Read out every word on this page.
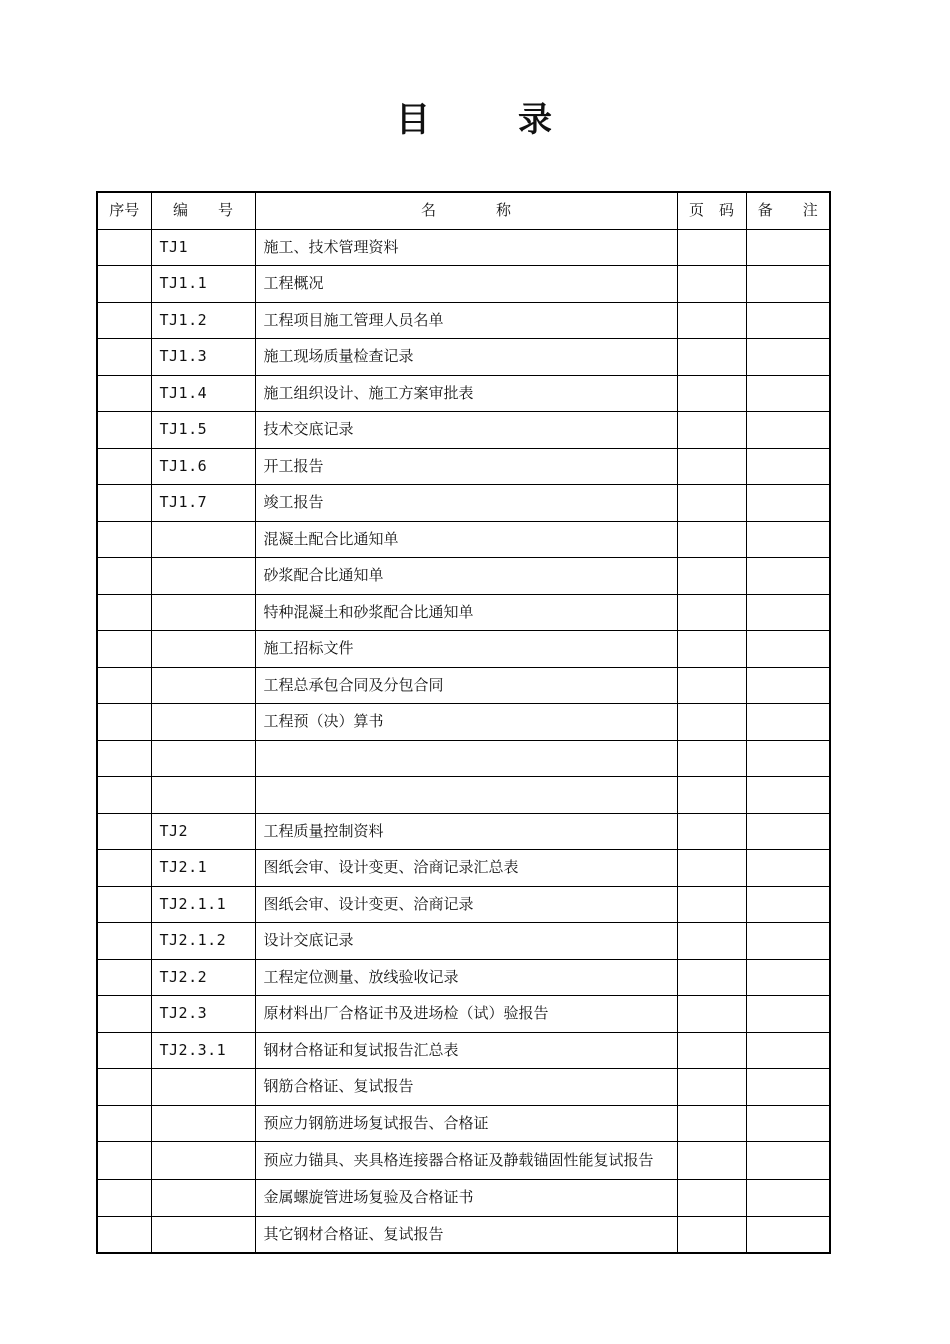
目	录
序号	编　　号	名　　　　称	页　码	备　　注
	TJ1	施工、技术管理资料		
	TJ1.1	工程概况		
	TJ1.2	工程项目施工管理人员名单		
	TJ1.3	施工现场质量检查记录		
	TJ1.4	施工组织设计、施工方案审批表		
	TJ1.5	技术交底记录		
	TJ1.6	开工报告		
	TJ1.7	竣工报告		
		混凝土配合比通知单		
		砂浆配合比通知单		
		特种混凝土和砂浆配合比通知单		
		施工招标文件		
		工程总承包合同及分包合同		
		工程预（决）算书		

	TJ2	工程质量控制资料		
	TJ2.1	图纸会审、设计变更、洽商记录汇总表		
	TJ2.1.1	图纸会审、设计变更、洽商记录		
	TJ2.1.2	设计交底记录		
	TJ2.2	工程定位测量、放线验收记录		
	TJ2.3	原材料出厂合格证书及进场检（试）验报告		
	TJ2.3.1	钢材合格证和复试报告汇总表		
		钢筋合格证、复试报告		
		预应力钢筋进场复试报告、合格证		
		预应力锚具、夹具格连接器合格证及静载锚固性能复试报告		
		金属螺旋管进场复验及合格证书		
		其它钢材合格证、复试报告		
